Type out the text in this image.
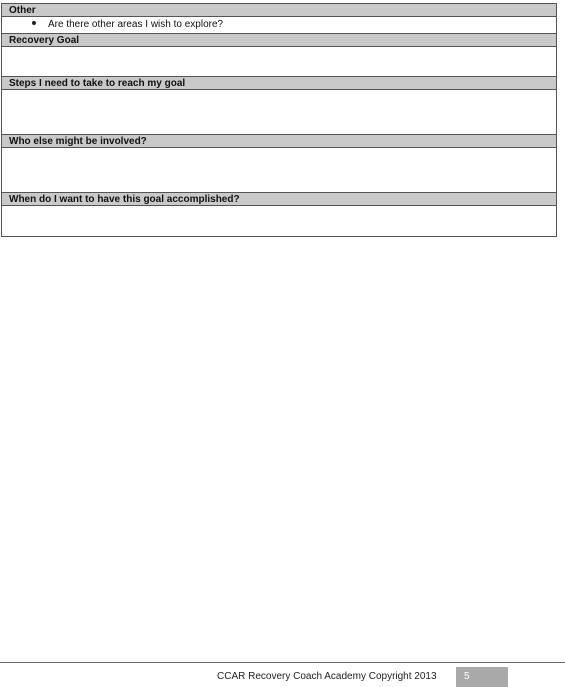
Other
Are there other areas I wish to explore?
Recovery Goal
Steps I need to take to reach my goal
Who else might be involved?
When do I want to have this goal accomplished?
CCAR Recovery Coach Academy Copyright 2013	5
